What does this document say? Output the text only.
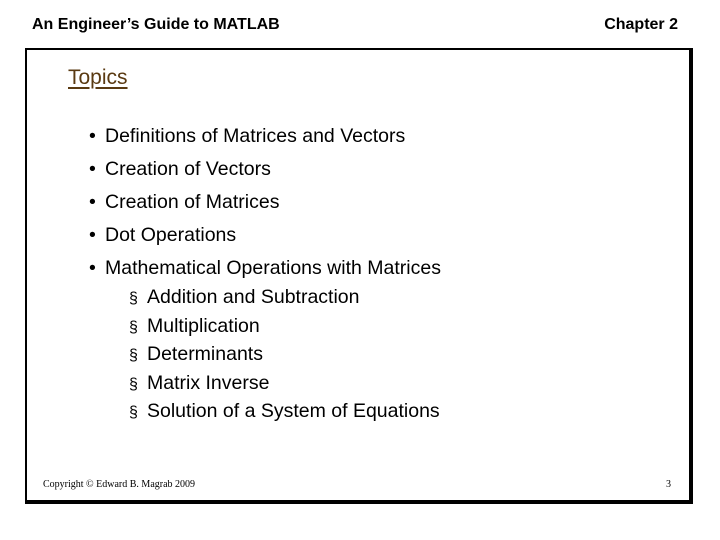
An Engineer’s Guide to MATLAB	Chapter 2
Topics
• Definitions of Matrices and Vectors
• Creation of Vectors
• Creation of Matrices
• Dot Operations
• Mathematical Operations with Matrices
§ Addition and Subtraction
§ Multiplication
§ Determinants
§ Matrix Inverse
§ Solution of a System of Equations
Copyright © Edward B. Magrab 2009	3
